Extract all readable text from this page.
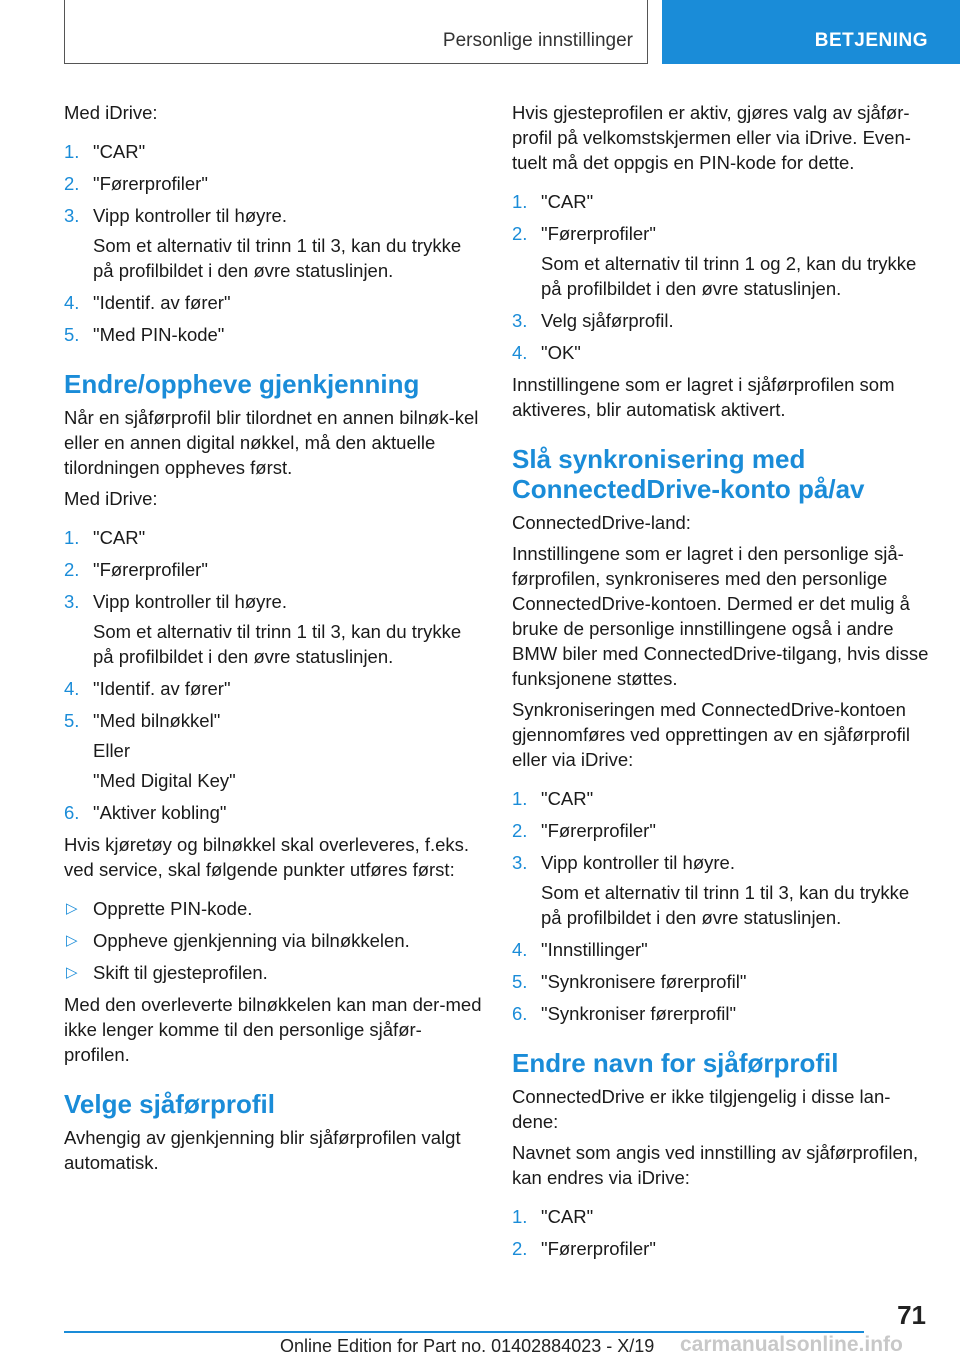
Personlige innstillinger	BETJENING

Med iDrive:

1. "CAR"
2. "Førerprofiler"
3. Vipp kontroller til høyre.
Som et alternativ til trinn 1 til 3, kan du trykke på profilbildet i den øvre statuslinjen.
4. "Identif. av fører"
5. "Med PIN-kode"
Endre/oppheve gjenkjenning

Når en sjåførprofil blir tilordnet en annen bilnøk-kel eller en annen digital nøkkel, må den aktuelle tilordningen oppheves først.

Med iDrive:

1. "CAR"
2. "Førerprofiler"
3. Vipp kontroller til høyre.
Som et alternativ til trinn 1 til 3, kan du trykke på profilbildet i den øvre statuslinjen.
4. "Identif. av fører"
5. "Med bilnøkkel"
Eller
"Med Digital Key"
6. "Aktiver kobling"

Hvis kjøretøy og bilnøkkel skal overleveres, f.eks. ved service, skal følgende punkter utføres først:

▷ Opprette PIN-kode.
▷ Oppheve gjenkjenning via bilnøkkelen.
▷ Skift til gjesteprofilen.

Med den overleverte bilnøkkelen kan man der-med ikke lenger komme til den personlige sjåfør-profilen.

Velge sjåførprofil

Avhengig av gjenkjenning blir sjåførprofilen valgt automatisk.

Hvis gjesteprofilen er aktiv, gjøres valg av sjåfør-profil på velkomstskjermen eller via iDrive. Even-tuelt må det oppgis en PIN-kode for dette.

1. "CAR"
2. "Førerprofiler"
Som et alternativ til trinn 1 og 2, kan du trykke på profilbildet i den øvre statuslinjen.
3. Velg sjåførprofil.
4. "OK"

Innstillingene som er lagret i sjåførprofilen som aktiveres, blir automatisk aktivert.

Slå synkronisering med ConnectedDrive-konto på/av

ConnectedDrive-land:

Innstillingene som er lagret i den personlige sjå-førprofilen, synkroniseres med den personlige ConnectedDrive-kontoen. Dermed er det mulig å bruke de personlige innstillingene også i andre BMW biler med ConnectedDrive-tilgang, hvis disse funksjonene støttes.

Synkroniseringen med ConnectedDrive-kontoen gjennomføres ved opprettingen av en sjåførprofil eller via iDrive:

1. "CAR"
2. "Førerprofiler"
3. Vipp kontroller til høyre.
Som et alternativ til trinn 1 til 3, kan du trykke på profilbildet i den øvre statuslinjen.
4. "Innstillinger"
5. "Synkronisere førerprofil"
6. "Synkroniser førerprofil"
Endre navn for sjåførprofil

ConnectedDrive er ikke tilgjengelig i disse lan-dene:

Navnet som angis ved innstilling av sjåførprofilen, kan endres via iDrive:

1. "CAR"
2. "Førerprofiler"
71
Online Edition for Part no. 01402884023 - X/19 carmanualsonline.info
